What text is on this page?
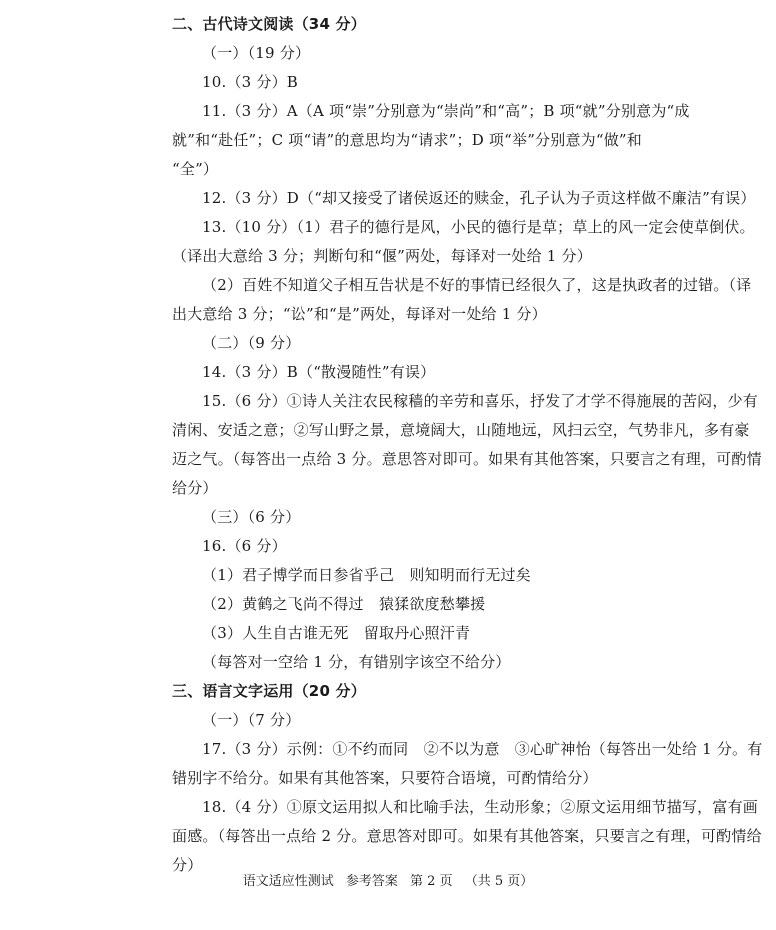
二、古代诗文阅读（34 分）
（一）（19 分）
10.（3 分）B
11.（3 分）A（A 项“崇”分别意为“崇尚”和“高”；B 项“就”分别意为“成
就”和“赴任”；C 项“请”的意思均为“请求”；D 项“举”分别意为“做”和
“全”）
12.（3 分）D（“却又接受了诸侯返还的赎金，孔子认为子贡这样做不廉洁”有误）
13.（10 分）（1）君子的德行是风，小民的德行是草；草上的风一定会使草倒伏。
（译出大意给 3 分；判断句和“偃”两处，每译对一处给 1 分）
（2）百姓不知道父子相互告状是不好的事情已经很久了，这是执政者的过错。（译
出大意给 3 分；“讼”和“是”两处，每译对一处给 1 分）
（二）（9 分）
14.（3 分）B（“散漫随性”有误）
15.（6 分）①诗人关注农民稼穑的辛劳和喜乐，抒发了才学不得施展的苦闷，少有
清闲、安适之意；②写山野之景，意境阔大，山随地远，风扫云空，气势非凡，多有豪
迈之气。（每答出一点给 3 分。意思答对即可。如果有其他答案，只要言之有理，可酌情
给分）
（三）（6 分）
16.（6 分）
（1）君子博学而日参省乎己　则知明而行无过矣
（2）黄鹤之飞尚不得过　猿猱欲度愁攀援
（3）人生自古谁无死　留取丹心照汗青
（每答对一空给 1 分，有错别字该空不给分）
三、语言文字运用（20 分）
（一）（7 分）
17.（3 分）示例：①不约而同　②不以为意　③心旷神怡（每答出一处给 1 分。有
错别字不给分。如果有其他答案，只要符合语境，可酌情给分）
18.（4 分）①原文运用拟人和比喻手法，生动形象；②原文运用细节描写，富有画
面感。（每答出一点给 2 分。意思答对即可。如果有其他答案，只要言之有理，可酌情给
分）
语文适应性测试 参考答案 第 2 页 （共 5 页）
